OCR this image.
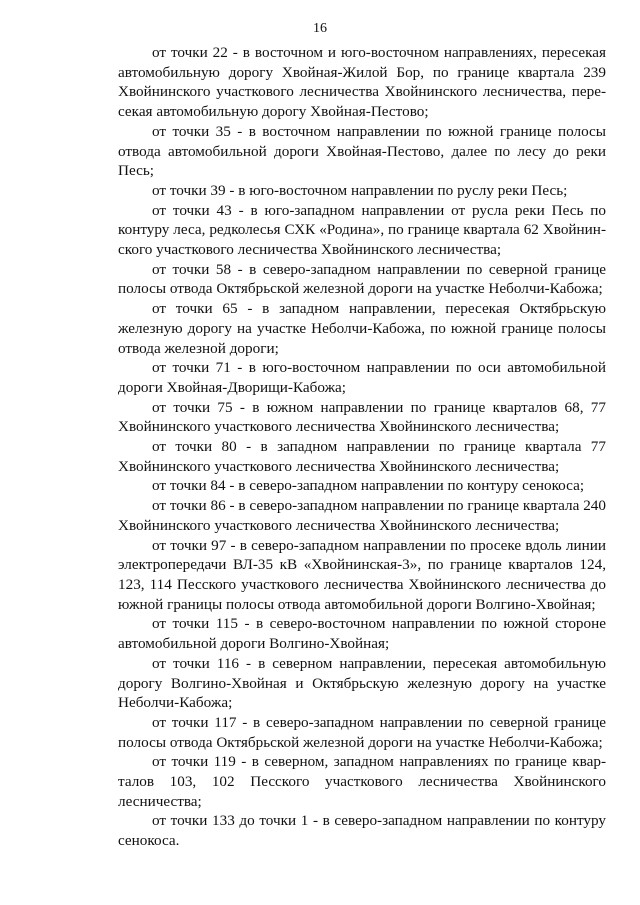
16

от точки 22 - в восточном и юго-восточном направлениях, пересекая автомобильную дорогу Хвойная-Жилой Бор, по границе квартала 239 Хвойнинского участкового лесничества Хвойнинского лесничества, пересекая автомобильную дорогу Хвойная-Пестово;

от точки 35 - в восточном направлении по южной границе полосы отвода автомобильной дороги Хвойная-Пестово, далее по лесу до реки Песь;

от точки 39 - в юго-восточном направлении по руслу реки Песь;

от точки 43 - в юго-западном направлении от русла реки Песь по контуру леса, редколесья СХК «Родина», по границе квартала 62 Хвойнинского участкового лесничества Хвойнинского лесничества;

от точки 58 - в северо-западном направлении по северной границе полосы отвода Октябрьской железной дороги на участке Неболчи-Кабожа;

от точки 65 - в западном направлении, пересекая Октябрьскую железную дорогу на участке Неболчи-Кабожа, по южной границе полосы отвода железной дороги;

от точки 71 - в юго-восточном направлении по оси автомобильной дороги Хвойная-Дворищи-Кабожа;

от точки 75 - в южном направлении по границе кварталов 68, 77 Хвойнинского участкового лесничества Хвойнинского лесничества;

от точки 80 - в западном направлении по границе квартала 77 Хвойнинского участкового лесничества Хвойнинского лесничества;

от точки 84 - в северо-западном направлении по контуру сенокоса;

от точки 86 - в северо-западном направлении по границе квартала 240 Хвойнинского участкового лесничества Хвойнинского лесничества;

от точки 97 - в северо-западном направлении по просеке вдоль линии электропередачи ВЛ-35 кВ «Хвойнинская-3», по границе кварталов 124, 123, 114 Песского участкового лесничества Хвойнинского лесничества до южной границы полосы отвода автомобильной дороги Волгино-Хвойная;

от точки 115 - в северо-восточном направлении по южной стороне автомобильной дороги Волгино-Хвойная;

от точки 116 - в северном направлении, пересекая автомобильную дорогу Волгино-Хвойная и Октябрьскую железную дорогу на участке Неболчи-Кабожа;

от точки 117 - в северо-западном направлении по северной границе полосы отвода Октябрьской железной дороги на участке Неболчи-Кабожа;

от точки 119 - в северном, западном направлениях по границе кварталов 103, 102 Песского участкового лесничества Хвойнинского лесничества;

от точки 133 до точки 1 - в северо-западном направлении по контуру сенокоса.
